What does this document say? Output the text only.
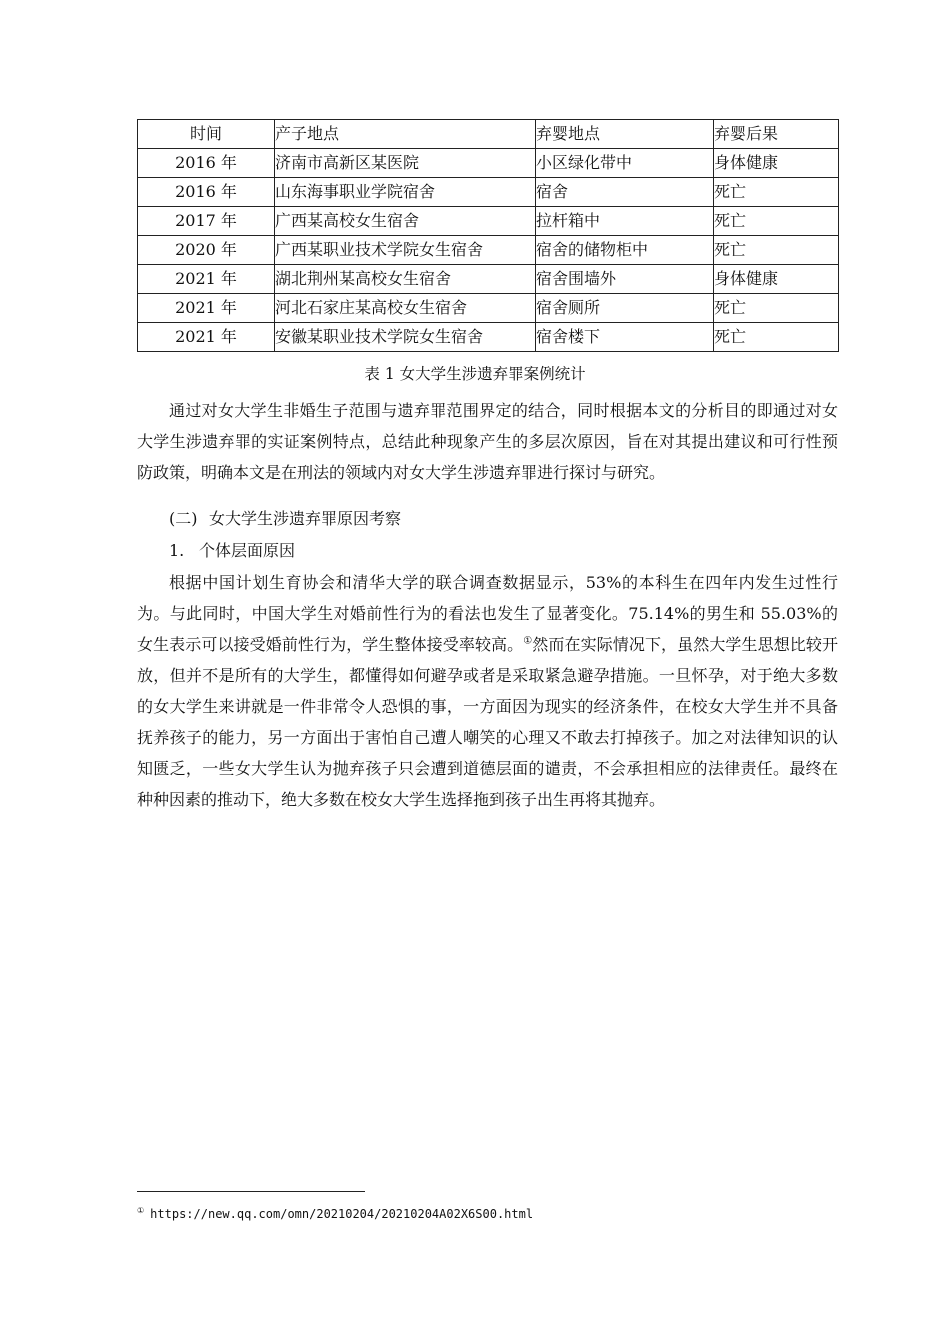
时间	产子地点	弃婴地点	弃婴后果
2016 年	济南市高新区某医院	小区绿化带中	身体健康
2016 年	山东海事职业学院宿舍	宿舍	死亡
2017 年	广西某高校女生宿舍	拉杆箱中	死亡
2020 年	广西某职业技术学院女生宿舍	宿舍的储物柜中	死亡
2021 年	湖北荆州某高校女生宿舍	宿舍围墙外	身体健康
2021 年	河北石家庄某高校女生宿舍	宿舍厕所	死亡
2021 年	安徽某职业技术学院女生宿舍	宿舍楼下	死亡
表 1 女大学生涉遗弃罪案例统计

通过对女大学生非婚生子范围与遗弃罪范围界定的结合，同时根据本文的分析目的即通过对女大学生涉遗弃罪的实证案例特点，总结此种现象产生的多层次原因，旨在对其提出建议和可行性预防政策，明确本文是在刑法的领域内对女大学生涉遗弃罪进行探讨与研究。

(二) 女大学生涉遗弃罪原因考察

1. 个体层面原因

根据中国计划生育协会和清华大学的联合调查数据显示，53%的本科生在四年内发生过性行为。与此同时，中国大学生对婚前性行为的看法也发生了显著变化。75.14%的男生和 55.03%的女生表示可以接受婚前性行为，学生整体接受率较高。①然而在实际情况下，虽然大学生思想比较开放，但并不是所有的大学生，都懂得如何避孕或者是采取紧急避孕措施。一旦怀孕，对于绝大多数的女大学生来讲就是一件非常令人恐惧的事，一方面因为现实的经济条件，在校女大学生并不具备抚养孩子的能力，另一方面出于害怕自己遭人嘲笑的心理又不敢去打掉孩子。加之对法律知识的认知匮乏，一些女大学生认为抛弃孩子只会遭到道德层面的谴责，不会承担相应的法律责任。最终在种种因素的推动下，绝大多数在校女大学生选择拖到孩子出生再将其抛弃。

① https://new.qq.com/omn/20210204/20210204A02X6S00.html
